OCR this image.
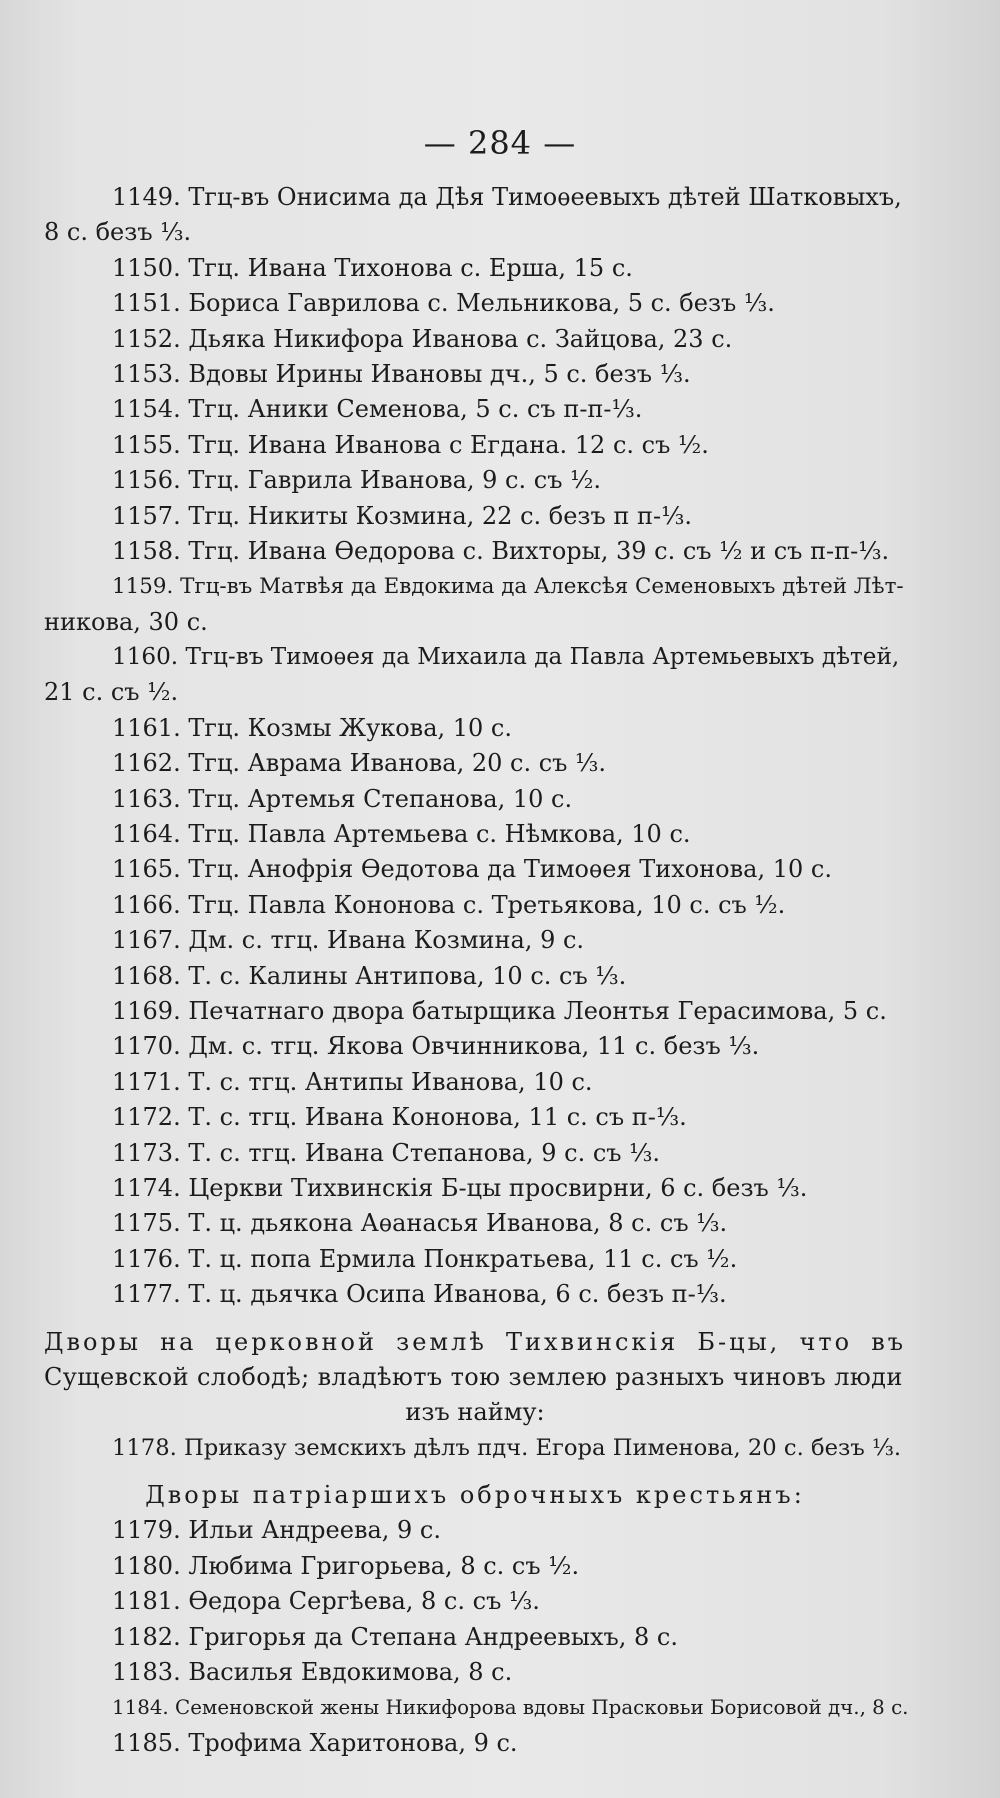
— 284 —
1149. Тгц-въ Онисима да Дѣя Тимоѳеевыхъ дѣтей Шатковыхъ,
8 с. безъ ⅓.
1150. Тгц. Ивана Тихонова с. Ерша, 15 с.
1151. Бориса Гаврилова с. Мельникова, 5 с. безъ ⅓.
1152. Дьяка Никифора Иванова с. Зайцова, 23 с.
1153. Вдовы Ирины Ивановы дч., 5 с. безъ ⅓.
1154. Тгц. Аники Семенова, 5 с. съ п-п-⅓.
1155. Тгц. Ивана Иванова с Егдана. 12 с. съ ½.
1156. Тгц. Гаврила Иванова, 9 с. съ ½.
1157. Тгц. Никиты Козмина, 22 с. безъ п п-⅓.
1158. Тгц. Ивана Ѳедорова с. Вихторы, 39 с. съ ½ и съ п-п-⅓.
1159. Тгц-въ Матвѣя да Евдокима да Алексѣя Семеновыхъ дѣтей Лѣт-
никова, 30 с.
1160. Тгц-въ Тимоѳея да Михаила да Павла Артемьевыхъ дѣтей,
21 с. съ ½.
1161. Тгц. Козмы Жукова, 10 с.
1162. Тгц. Аврама Иванова, 20 с. съ ⅓.
1163. Тгц. Артемья Степанова, 10 с.
1164. Тгц. Павла Артемьева с. Нѣмкова, 10 с.
1165. Тгц. Анофрія Ѳедотова да Тимоѳея Тихонова, 10 с.
1166. Тгц. Павла Кононова с. Третьякова, 10 с. съ ½.
1167. Дм. с. тгц. Ивана Козмина, 9 с.
1168. Т. с. Калины Антипова, 10 с. съ ⅓.
1169. Печатнаго двора батырщика Леонтья Герасимова, 5 с.
1170. Дм. с. тгц. Якова Овчинникова, 11 с. безъ ⅓.
1171. Т. с. тгц. Антипы Иванова, 10 с.
1172. Т. с. тгц. Ивана Кононова, 11 с. съ п-⅓.
1173. Т. с. тгц. Ивана Степанова, 9 с. съ ⅓.
1174. Церкви Тихвинскія Б-цы просвирни, 6 с. безъ ⅓.
1175. Т. ц. дьякона Аѳанасья Иванова, 8 с. съ ⅓.
1176. Т. ц. попа Ермила Понкратьева, 11 с. съ ½.
1177. Т. ц. дьячка Осипа Иванова, 6 с. безъ п-⅓.
Дворы на церковной землѣ Тихвинскія Б-цы, что въ
Сущевской слободѣ; владѣютъ тою землею разныхъ чиновъ люди
изъ найму:
1178. Приказу земскихъ дѣлъ пдч. Егора Пименова, 20 с. безъ ⅓.
Дворы патріаршихъ оброчныхъ крестьянъ:
1179. Ильи Андреева, 9 с.
1180. Любима Григорьева, 8 с. съ ½.
1181. Ѳедора Сергѣева, 8 с. съ ⅓.
1182. Григорья да Степана Андреевыхъ, 8 с.
1183. Василья Евдокимова, 8 с.
1184. Семеновской жены Никифорова вдовы Прасковьи Борисовой дч., 8 с.
1185. Трофима Харитонова, 9 с.
